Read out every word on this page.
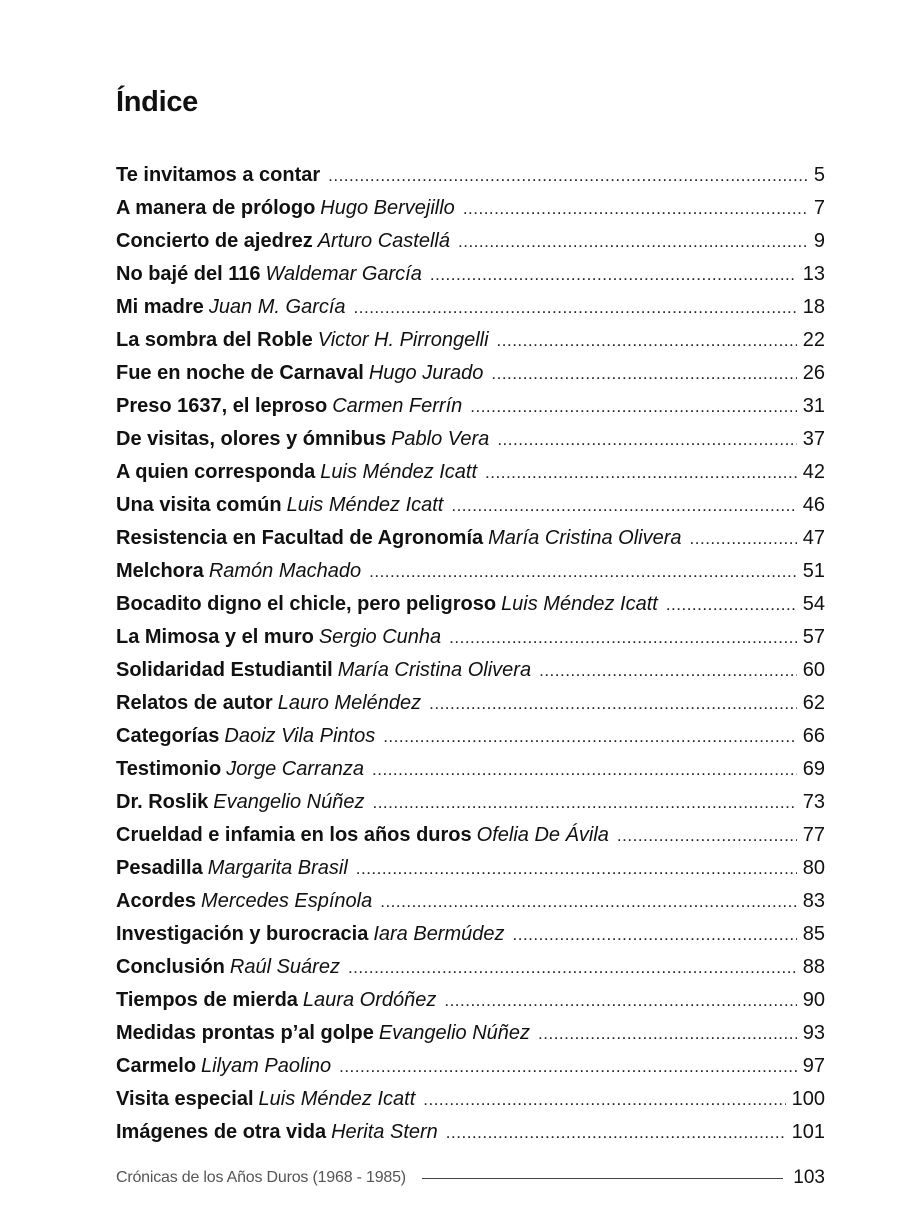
Índice
Te invitamos a contar .....	5
A manera de prólogo Hugo Bervejillo .....	7
Concierto de ajedrez Arturo Castellá .....	9
No bajé del 116 Waldemar García .....	13
Mi madre Juan M. García .....	18
La sombra del Roble Victor H. Pirrongelli .....	22
Fue en noche de Carnaval Hugo Jurado .....	26
Preso 1637, el leproso Carmen Ferrín .....	31
De visitas, olores y ómnibus Pablo Vera .....	37
A quien corresponda Luis Méndez Icatt .....	42
Una visita común Luis Méndez Icatt .....	46
Resistencia en Facultad de Agronomía María Cristina Olivera .....	47
Melchora Ramón Machado .....	51
Bocadito digno el chicle, pero peligroso Luis Méndez Icatt .....	54
La Mimosa y el muro Sergio Cunha .....	57
Solidaridad Estudiantil María Cristina Olivera .....	60
Relatos de autor Lauro Meléndez .....	62
Categorías Daoiz Vila Pintos .....	66
Testimonio Jorge Carranza .....	69
Dr. Roslik Evangelio Núñez .....	73
Crueldad e infamia en los años duros Ofelia De Ávila .....	77
Pesadilla Margarita Brasil .....	80
Acordes Mercedes Espínola .....	83
Investigación y burocracia Iara Bermúdez .....	85
Conclusión Raúl Suárez .....	88
Tiempos de mierda Laura Ordóñez .....	90
Medidas prontas p’al golpe Evangelio Núñez .....	93
Carmelo Lilyam Paolino .....	97
Visita especial Luis Méndez Icatt .....	100
Imágenes de otra vida Herita Stern .....	101
Crónicas de los Años Duros (1968 - 1985)	103
